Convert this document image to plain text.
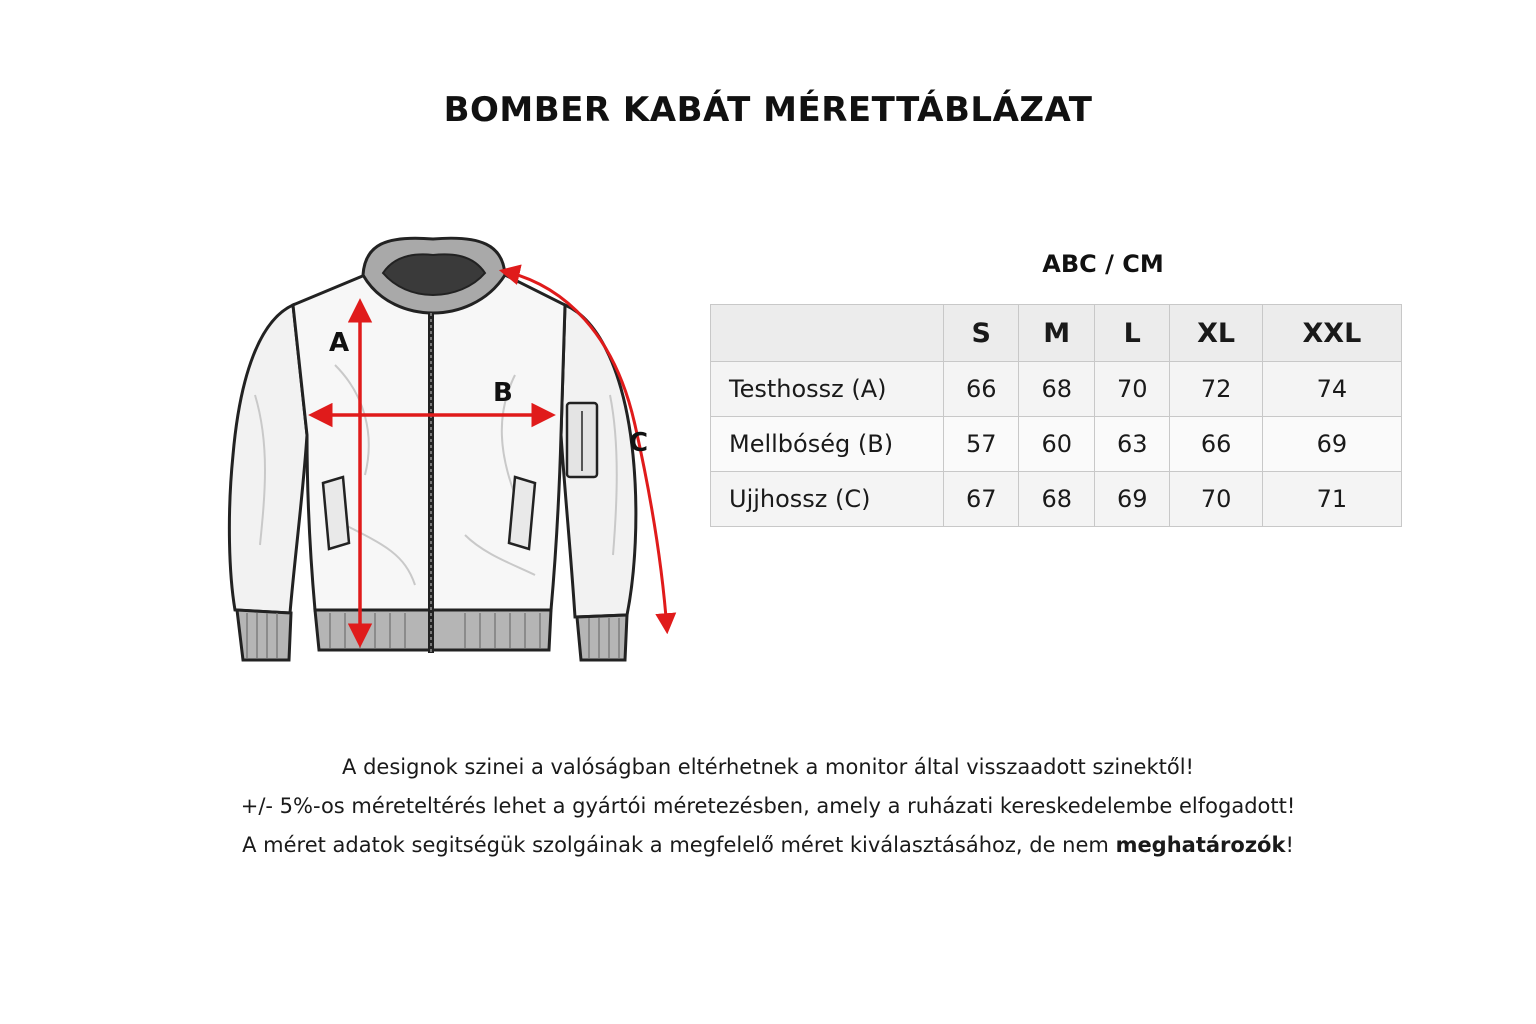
BOMBER KABÁT MÉRETTÁBLÁZAT
A
B
C
ABC / CM
	S	M	L	XL	XXL
Testhossz (A)	66	68	70	72	74
Mellbóség (B)	57	60	63	66	69
Ujjhossz (C)	67	68	69	70	71

A designok szinei a valóságban eltérhetnek a monitor által visszaadott szinektől!

+/- 5%-os méreteltérés lehet a gyártói méretezésben, amely a ruházati kereskedelembe elfogadott!

A méret adatok segitségük szolgáinak a megfelelő méret kiválasztásához, de nem meghatározók!
